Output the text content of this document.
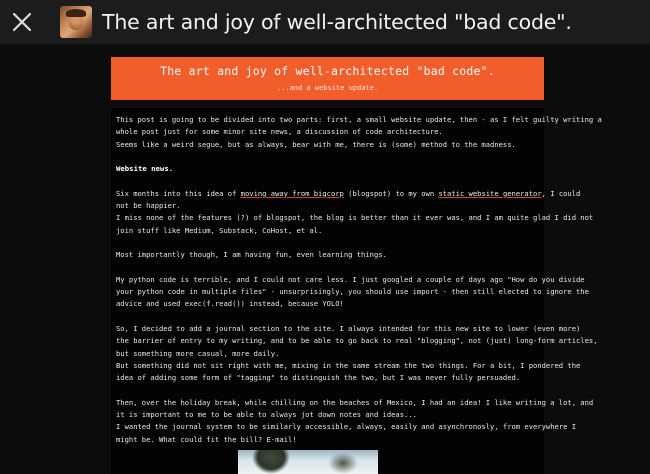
The art and joy of well-architected "bad code".
The art and joy of well-architected "bad code".
...and a website update.

This post is going to be divided into two parts: first, a small website update, then - as I felt guilty writing a
whole post just for some minor site news, a discussion of code architecture.
Seems like a weird segue, but as always, bear with me, there is (some) method to the madness.

Website news.

Six months into this idea of moving away from bigcorp (blogspot) to my own static website generator, I could
not be happier.
I miss none of the features (?) of blogspot, the blog is better than it ever was, and I am quite glad I did not
join stuff like Medium, Substack, CoHost, et al.

Most importantly though, I am having fun, even learning things.

My python code is terrible, and I could not care less. I just googled a couple of days ago "How do you divide
your python code in multiple files" - unsurprisingly, you should use import - then still elected to ignore the
advice and used exec(f.read()) instead, because YOLO!

So, I decided to add a journal section to the site. I always intended for this new site to lower (even more)
the barrier of entry to my writing, and to be able to go back to real "blogging", not (just) long-form articles,
but something more casual, more daily.
But something did not sit right with me, mixing in the same stream the two things. For a bit, I pondered the
idea of adding some form of "tagging" to distinguish the two, but I was never fully persuaded.

Then, over the holiday break, while chilling on the beaches of Mexico, I had an idea! I like writing a lot, and
it is important to me to be able to always jot down notes and ideas...
I wanted the journal system to be similarly accessible, always, easily and asynchronosly, from everywhere I
might be. What could fit the bill? E-mail!
